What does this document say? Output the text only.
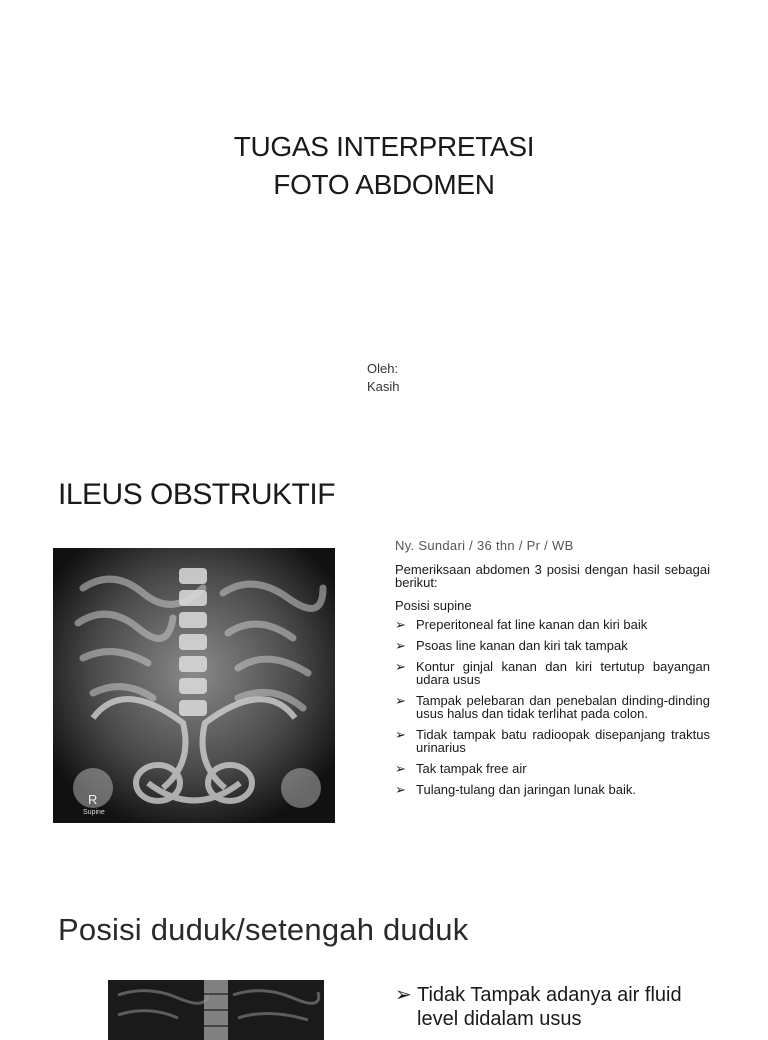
TUGAS INTERPRETASI
FOTO ABDOMEN
Oleh:
Kasih
ILEUS OBSTRUKTIF
R
Supine
Ny. Sundari / 36 thn / Pr / WB
Pemeriksaan abdomen 3 posisi dengan hasil sebagai berikut:
Posisi supine
➢ Preperitoneal fat line kanan dan kiri baik
➢ Psoas line kanan dan kiri tak tampak
➢ Kontur ginjal kanan dan kiri tertutup bayangan udara usus
➢ Tampak pelebaran dan penebalan dinding-dinding usus halus dan tidak terlihat pada colon.
➢ Tidak tampak batu radioopak disepanjang traktus urinarius
➢ Tak tampak free air
➢ Tulang-tulang dan jaringan lunak baik.
Posisi duduk/setengah duduk
➢ Tidak Tampak adanya air fluid level didalam usus
